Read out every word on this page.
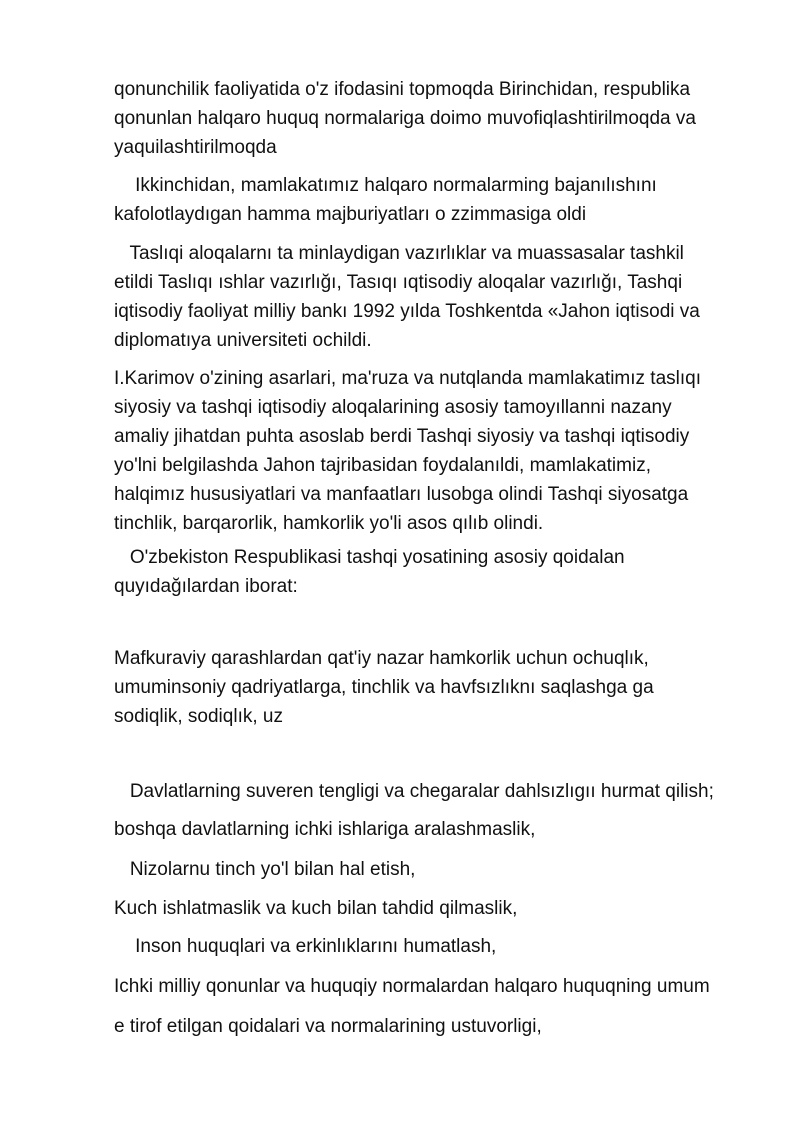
qonunchilik faoliyatida o'z ifodasini topmoqda Birinchidan, respublika
qonunlan halqaro huquq normalariga doimo muvofiqlashtirilmoqda va
yaquilashtirilmoqda

Ikkinchidan, mamlakatımız halqaro normalarming bajanılıshını
kafolotlaydıgan hamma majburiyatları o zzimmasiga oldi

Taslıqi aloqalarnı ta minlaydigan vazırlıklar va muassasalar tashkil
etildi Taslıqı ıshlar vazırlığı, Tasıqı ıqtisodiy aloqalar vazırlığı, Tashqi
iqtisodiy faoliyat milliy bankı 1992 yılda Toshkentda «Jahon iqtisodi va
diplomatıya universiteti ochildi.

I.Karimov o'zining asarlari, ma'ruza va nutqlanda mamlakatimız taslıqı
siyosiy va tashqi iqtisodiy aloqalarining asosiy tamoyıllanni nazany
amaliy jihatdan puhta asoslab berdi Tashqi siyosiy va tashqi iqtisodiy
yo'lni belgilashda Jahon tajribasidan foydalanıldi, mamlakatimiz,
halqimız hususiyatlari va manfaatları lusobga olindi Tashqi siyosatga
tinchlik, barqarorlik, hamkorlik yo'li asos qılıb olindi.

O'zbekiston Respublikasi tashqi yosatining asosiy qoidalan
quyıdağılardan iborat:

Mafkuraviy qarashlardan qat'iy nazar hamkorlik uchun ochuqlık,
umuminsoniy qadriyatlarga, tinchlik va havfsızlıknı saqlashga ga
sodiqlik, sodiqlık, uz

Davlatlarning suveren tengligi va chegaralar dahlsızlıgıı hurmat qilish;

boshqa davlatlarning ichki ishlariga aralashmaslik,

Nizolarnu tinch yo'l bilan hal etish,

Kuch ishlatmaslik va kuch bilan tahdid qilmaslik,

Inson huquqlari va erkinlıklarını humatlash,

Ichki milliy qonunlar va huquqiy normalardan halqaro huquqning umum

e tirof etilgan qoidalari va normalarining ustuvorligi,
